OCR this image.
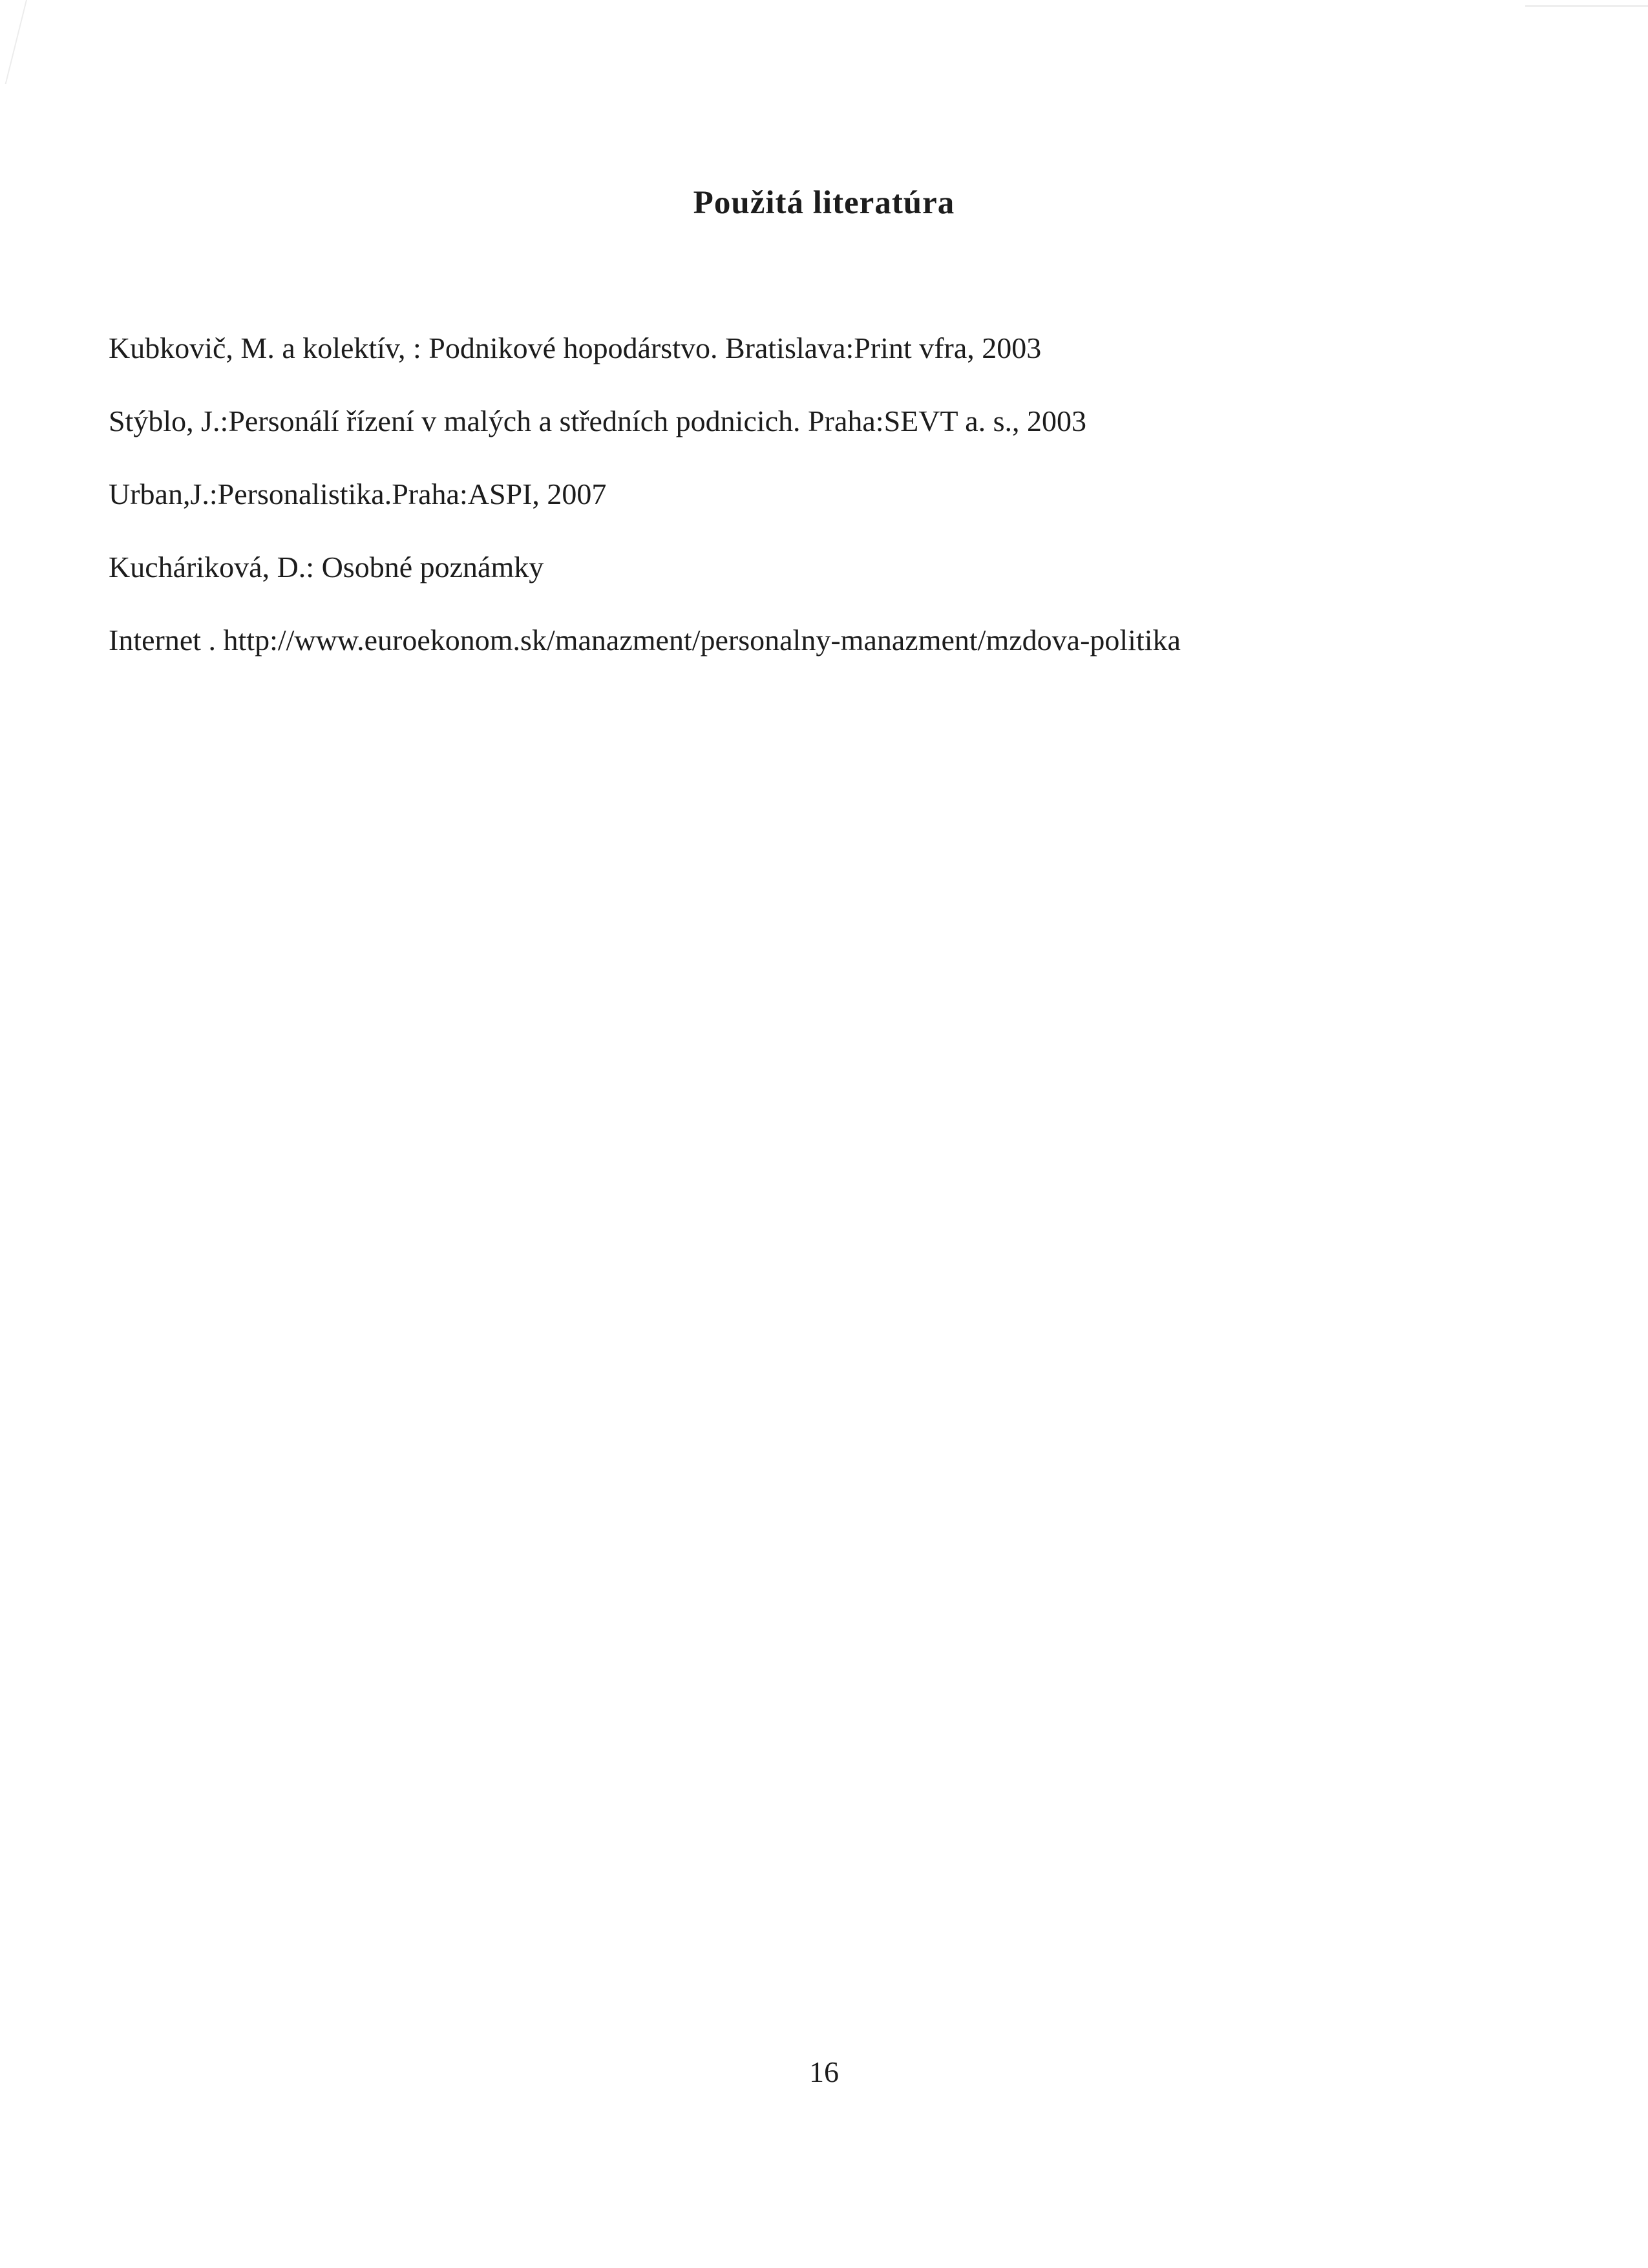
Použitá literatúra
Kubkovič, M. a kolektív, : Podnikové hopodárstvo. Bratislava:Print vfra, 2003
Stýblo, J.:Personálí řízení v malých a středních podnicich. Praha:SEVT a. s., 2003
Urban,J.:Personalistika.Praha:ASPI, 2007
Kucháriková, D.: Osobné poznámky
Internet . http://www.euroekonom.sk/manazment/personalny-manazment/mzdova-politika
16
